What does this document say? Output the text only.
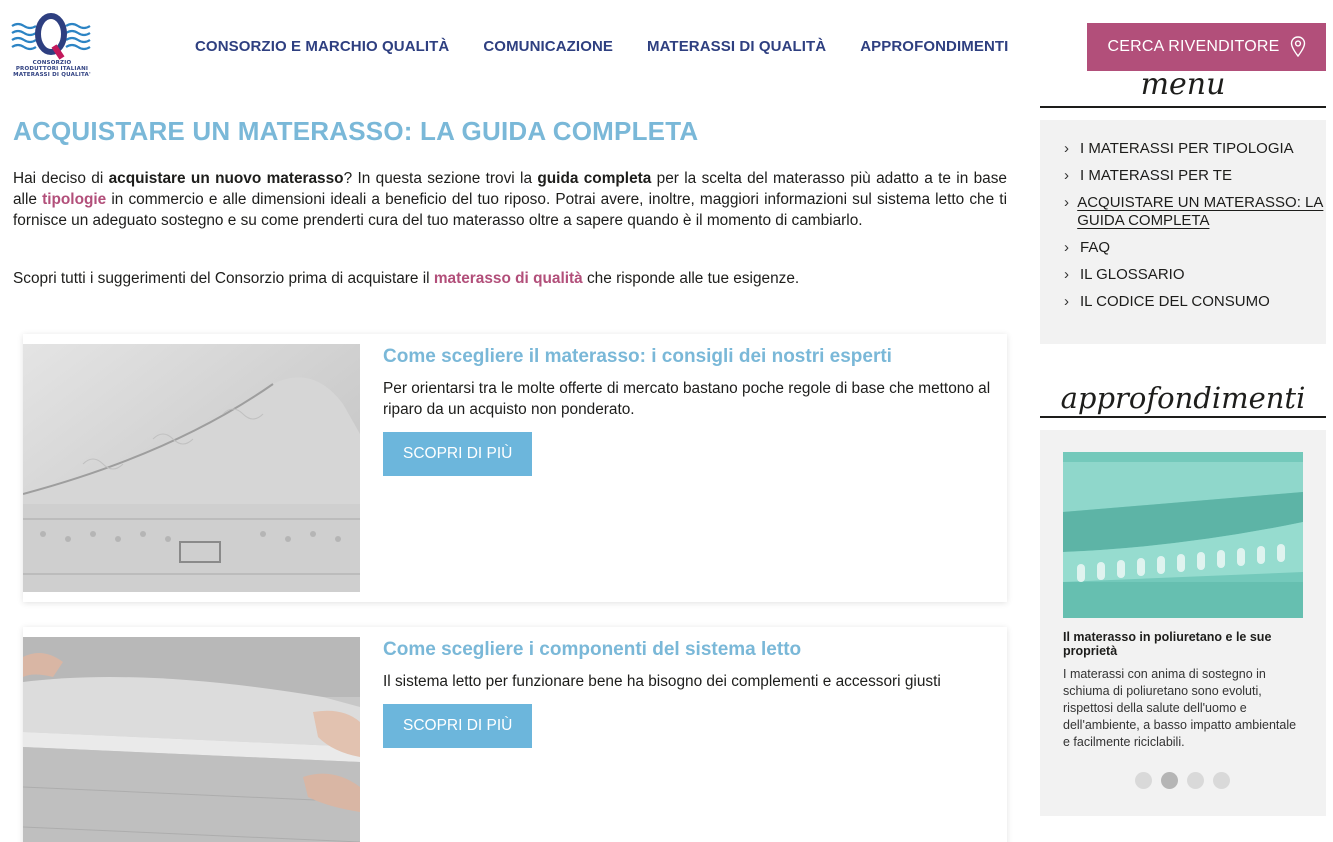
CONSORZIO
PRODUTTORI ITALIANI
MATERASSI DI QUALITA'
CONSORZIO E MARCHIO QUALITÀ COMUNICAZIONE MATERASSI DI QUALITÀ APPROFONDIMENTI	CERCA RIVENDITORE
ACQUISTARE UN MATERASSO: LA GUIDA COMPLETA
Hai deciso di acquistare un nuovo materasso? In questa sezione trovi la guida completa per la scelta del materasso più adatto a te in base alle tipologie in commercio e alle dimensioni ideali a beneficio del tuo riposo. Potrai avere, inoltre, maggiori informazioni sul sistema letto che ti fornisce un adeguato sostegno e su come prenderti cura del tuo materasso oltre a sapere quando è il momento di cambiarlo.
Scopri tutti i suggerimenti del Consorzio prima di acquistare il materasso di qualità che risponde alle tue esigenze.
Come scegliere il materasso: i consigli dei nostri esperti

Per orientarsi tra le molte offerte di mercato bastano poche regole di base che mettono al riparo da un acquisto non ponderato.

SCOPRI DI PIÙ
Come scegliere i componenti del sistema letto

Il sistema letto per funzionare bene ha bisogno dei complementi e accessori giusti

SCOPRI DI PIÙ
menu
› I MATERASSI PER TIPOLOGIA
› I MATERASSI PER TE
› ACQUISTARE UN MATERASSO: LA GUIDA COMPLETA
› FAQ
› IL GLOSSARIO
› IL CODICE DEL CONSUMO
approfondimenti
Il materasso in poliuretano e le sue proprietà
I materassi con anima di sostegno in schiuma di poliuretano sono evoluti, rispettosi della salute dell'uomo e dell'ambiente, a basso impatto ambientale e facilmente riciclabili.
